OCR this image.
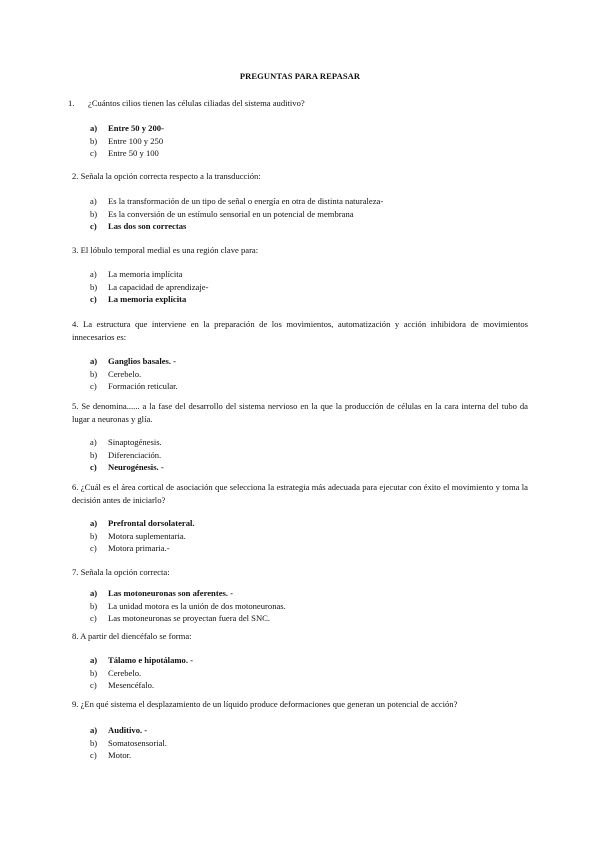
PREGUNTAS PARA REPASAR
1. ¿Cuántos cilios tienen las células ciliadas del sistema auditivo?
a)	Entre 50 y 200-
b)	Entre 100 y 250
c)	Entre 50 y 100
2. Señala la opción correcta respecto a la transducción:
a)	Es la transformación de un tipo de señal o energía en otra de distinta naturaleza-
b)	Es la conversión de un estímulo sensorial en un potencial de membrana
c)	Las dos son correctas
3. El lóbulo temporal medial es una región clave para:
a)	La memoria implícita
b)	La capacidad de aprendizaje-
c)	La memoria explícita
4. La estructura que interviene en la preparación de los movimientos, automatización y acción inhibidora de movimientos innecesarios es:
a)	Ganglios basales. -
b)	Cerebelo.
c)	Formación reticular.
5. Se denomina...... a la fase del desarrollo del sistema nervioso en la que la producción de células en la cara interna del tubo da lugar a neuronas y glía.
a)	Sinaptogénesis.
b)	Diferenciación.
c)	Neurogénesis. -
6. ¿Cuál es el área cortical de asociación que selecciona la estrategia más adecuada para ejecutar con éxito el movimiento y toma la decisión antes de iniciarlo?
a)	Prefrontal dorsolateral.
b)	Motora suplementaria.
c)	Motora primaria.-
7. Señala la opción correcta:
a)	Las motoneuronas son aferentes. -
b)	La unidad motora es la unión de dos motoneuronas.
c)	Las motoneuronas se proyectan fuera del SNC.
8. A partir del diencéfalo se forma:
a)	Tálamo e hipotálamo. -
b)	Cerebelo.
c)	Mesencéfalo.
9. ¿En qué sistema el desplazamiento de un líquido produce deformaciones que generan un potencial de acción?
a)	Auditivo. -
b)	Somatosensorial.
c)	Motor.
